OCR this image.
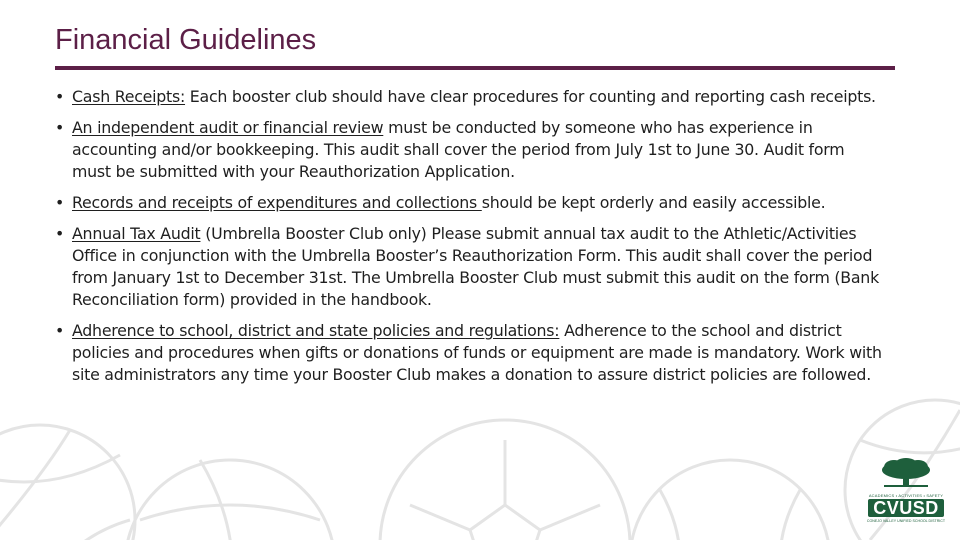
Financial Guidelines
• Cash Receipts: Each booster club should have clear procedures for counting and reporting cash receipts.
• An independent audit or financial review must be conducted by someone who has experience in accounting and/or bookkeeping. This audit shall cover the period from July 1st to June 30. Audit form must be submitted with your Reauthorization Application.
• Records and receipts of expenditures and collections should be kept orderly and easily accessible.
• Annual Tax Audit (Umbrella Booster Club only) Please submit annual tax audit to the Athletic/Activities Office in conjunction with the Umbrella Booster’s Reauthorization Form. This audit shall cover the period from January 1st to December 31st. The Umbrella Booster Club must submit this audit on the form (Bank Reconciliation form) provided in the handbook.
• Adherence to school, district and state policies and regulations: Adherence to the school and district policies and procedures when gifts or donations of funds or equipment are made is mandatory. Work with site administrators any time your Booster Club makes a donation to assure district policies are followed.
ACADEMICS • ACTIVITIES • SAFETY
CVUSD
CONEJO VALLEY UNIFIED SCHOOL DISTRICT
